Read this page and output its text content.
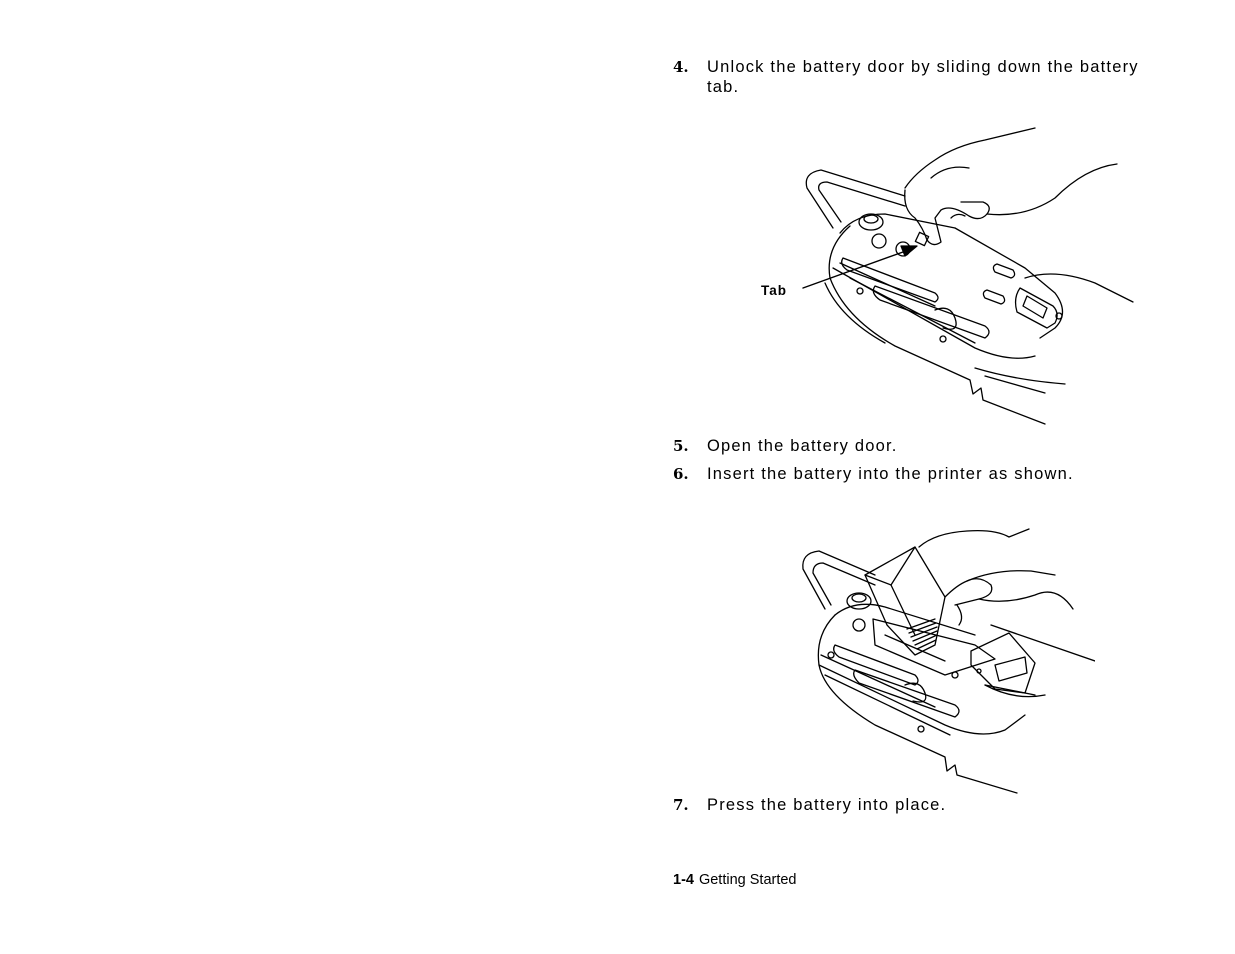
4. Unlock the battery door by sliding down the battery tab.
Tab
5. Open the battery door.
6. Insert the battery into the printer as shown.
7. Press the battery into place.
1-4 Getting Started
